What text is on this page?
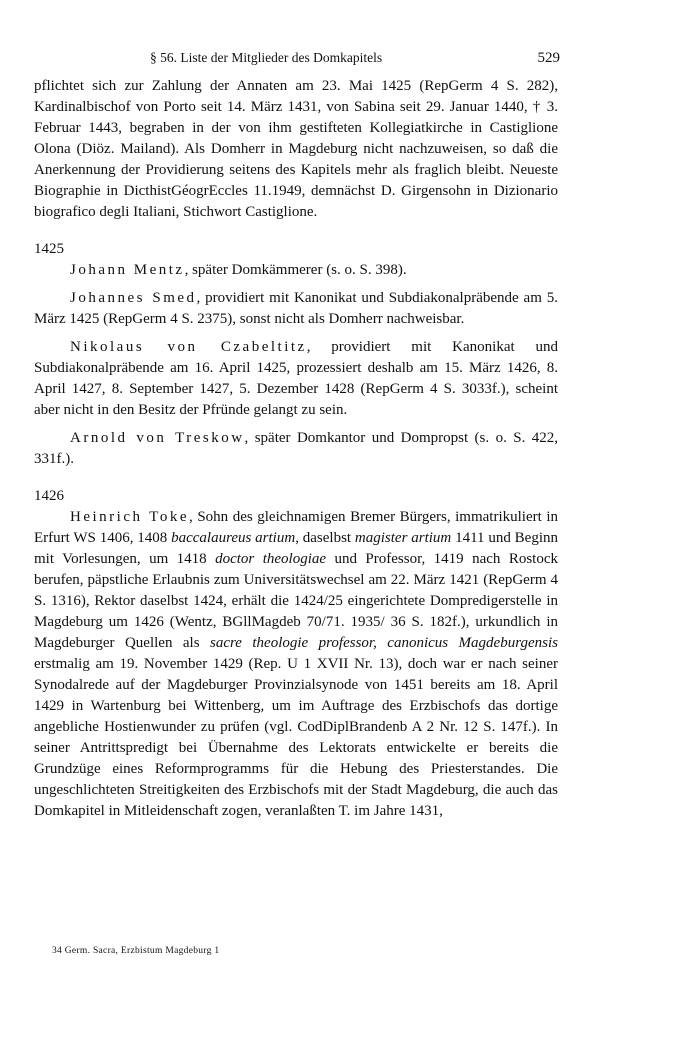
§ 56. Liste der Mitglieder des Domkapitels	529

pflichtet sich zur Zahlung der Annaten am 23. Mai 1425 (RepGerm 4 S. 282), Kardinalbischof von Porto seit 14. März 1431, von Sabina seit 29. Januar 1440, † 3. Februar 1443, begraben in der von ihm gestifteten Kollegiatkirche in Castiglione Olona (Diöz. Mailand). Als Domherr in Magdeburg nicht nachzuweisen, so daß die Anerkennung der Providierung seitens des Kapitels mehr als fraglich bleibt. Neueste Biographie in DicthistGéogrEccles 11.1949, demnächst D. Girgensohn in Dizionario biografico degli Italiani, Stichwort Castiglione.

1425

Johann Mentz, später Domkämmerer (s. o. S. 398).

Johannes Smed, providiert mit Kanonikat und Subdiakonalpräbende am 5. März 1425 (RepGerm 4 S. 2375), sonst nicht als Domherr nachweisbar.

Nikolaus von Czabeltitz, providiert mit Kanonikat und Subdiakonalpräbende am 16. April 1425, prozessiert deshalb am 15. März 1426, 8. April 1427, 8. September 1427, 5. Dezember 1428 (RepGerm 4 S. 3033f.), scheint aber nicht in den Besitz der Pfründe gelangt zu sein.

Arnold von Treskow, später Domkantor und Dompropst (s. o. S. 422, 331f.).

1426

Heinrich Toke, Sohn des gleichnamigen Bremer Bürgers, immatrikuliert in Erfurt WS 1406, 1408 baccalaureus artium, daselbst magister artium 1411 und Beginn mit Vorlesungen, um 1418 doctor theologiae und Professor, 1419 nach Rostock berufen, päpstliche Erlaubnis zum Universitätswechsel am 22. März 1421 (RepGerm 4 S. 1316), Rektor daselbst 1424, erhält die 1424/25 eingerichtete Dompredigerstelle in Magdeburg um 1426 (Wentz, BGllMagdeb 70/71. 1935/ 36 S. 182f.), urkundlich in Magdeburger Quellen als sacre theologie professor, canonicus Magdeburgensis erstmalig am 19. November 1429 (Rep. U 1 XVII Nr. 13), doch war er nach seiner Synodalrede auf der Magdeburger Provinzialsynode von 1451 bereits am 18. April 1429 in Wartenburg bei Wittenberg, um im Auftrage des Erzbischofs das dortige angebliche Hostienwunder zu prüfen (vgl. CodDiplBrandenb A 2 Nr. 12 S. 147f.). In seiner Antrittspredigt bei Übernahme des Lektorats entwickelte er bereits die Grundzüge eines Reformprogramms für die Hebung des Priesterstandes. Die ungeschlichteten Streitigkeiten des Erzbischofs mit der Stadt Magdeburg, die auch das Domkapitel in Mitleidenschaft zogen, veranlaßten T. im Jahre 1431,

34 Germ. Sacra, Erzbistum Magdeburg 1
